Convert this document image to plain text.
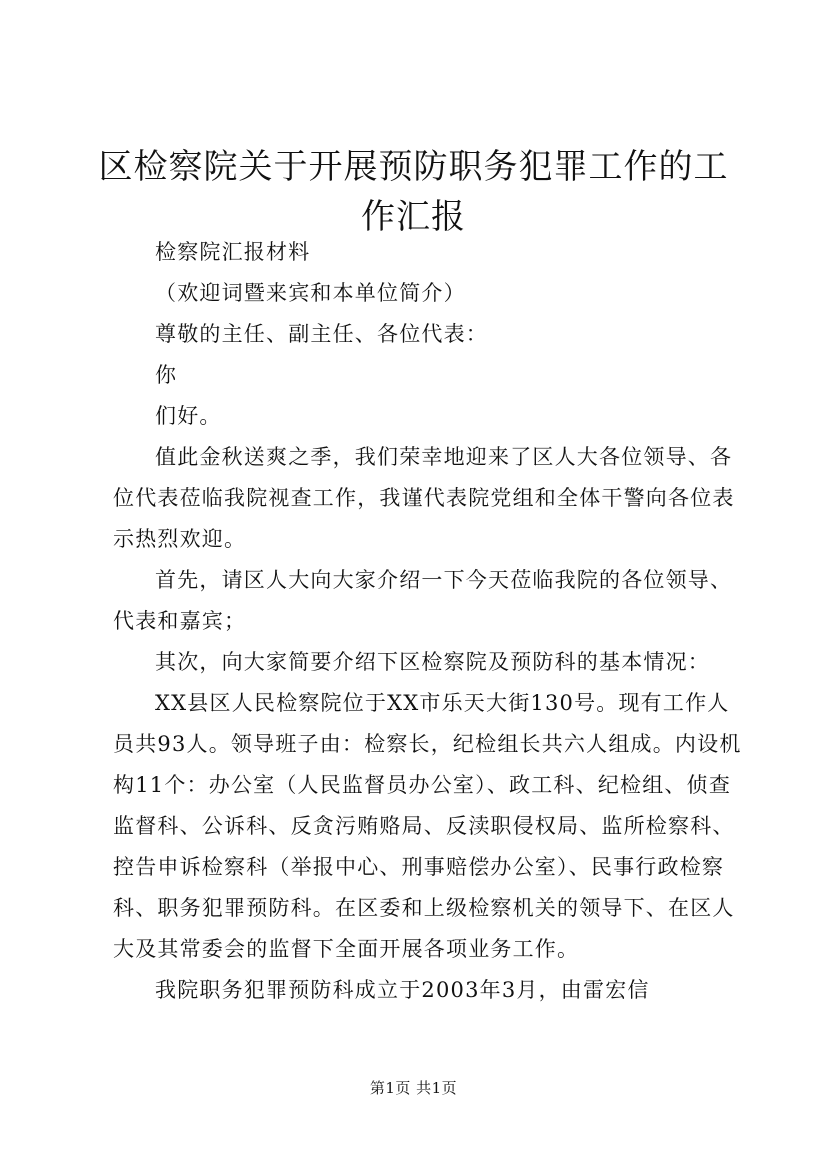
区检察院关于开展预防职务犯罪工作的工作汇报

检察院汇报材料

（欢迎词暨来宾和本单位简介）

尊敬的主任、副主任、各位代表：

你

们好。

值此金秋送爽之季，我们荣幸地迎来了区人大各位领导、各位代表莅临我院视查工作，我谨代表院党组和全体干警向各位表示热烈欢迎。

首先，请区人大向大家介绍一下今天莅临我院的各位领导、代表和嘉宾；

其次，向大家简要介绍下区检察院及预防科的基本情况：

XX县区人民检察院位于XX市乐天大街130号。现有工作人员共93人。领导班子由：检察长，纪检组长共六人组成。内设机构11个：办公室（人民监督员办公室）、政工科、纪检组、侦查监督科、公诉科、反贪污贿赂局、反渎职侵权局、监所检察科、控告申诉检察科（举报中心、刑事赔偿办公室）、民事行政检察科、职务犯罪预防科。在区委和上级检察机关的领导下、在区人大及其常委会的监督下全面开展各项业务工作。

我院职务犯罪预防科成立于2003年3月，由雷宏信

第1页 共1页
